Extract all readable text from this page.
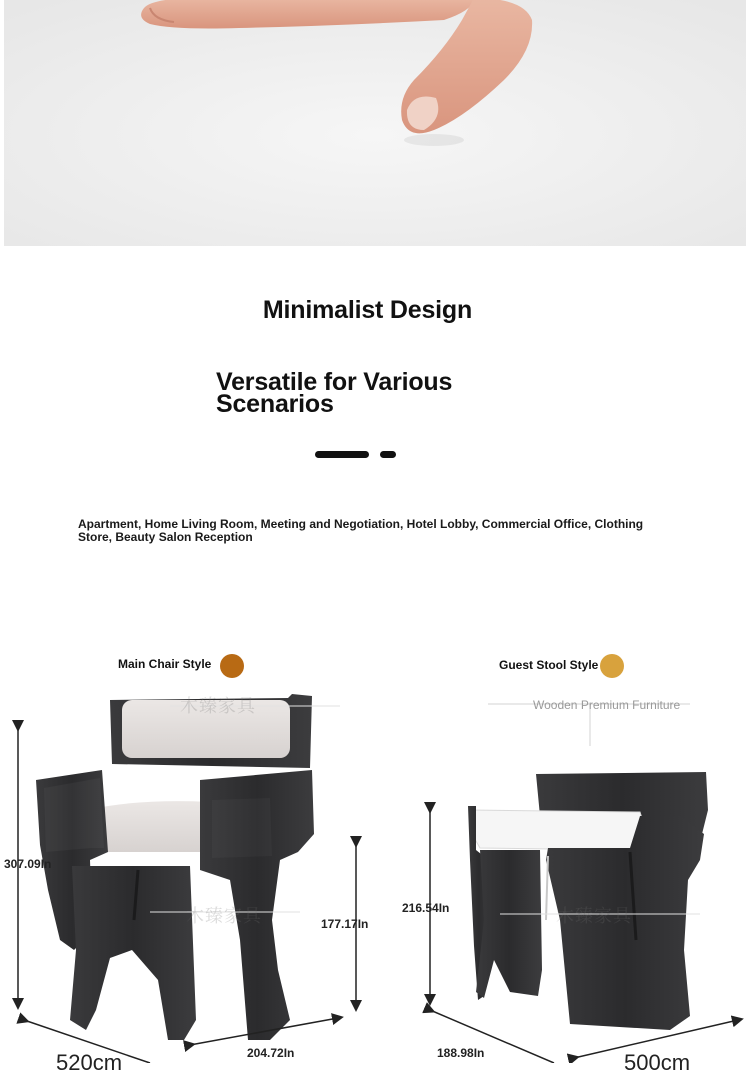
Minimalist Design
Versatile for Various Scenarios
Apartment, Home Living Room, Meeting and Negotiation, Hotel Lobby, Commercial Office, Clothing Store, Beauty Salon Reception
Main Chair Style	Guest Stool Style
木臻家具
木臻家具	木臻家具
Wooden Premium Furniture
307.09In
177.17In
204.72In
520cm
216.54In
188.98In	500cm
